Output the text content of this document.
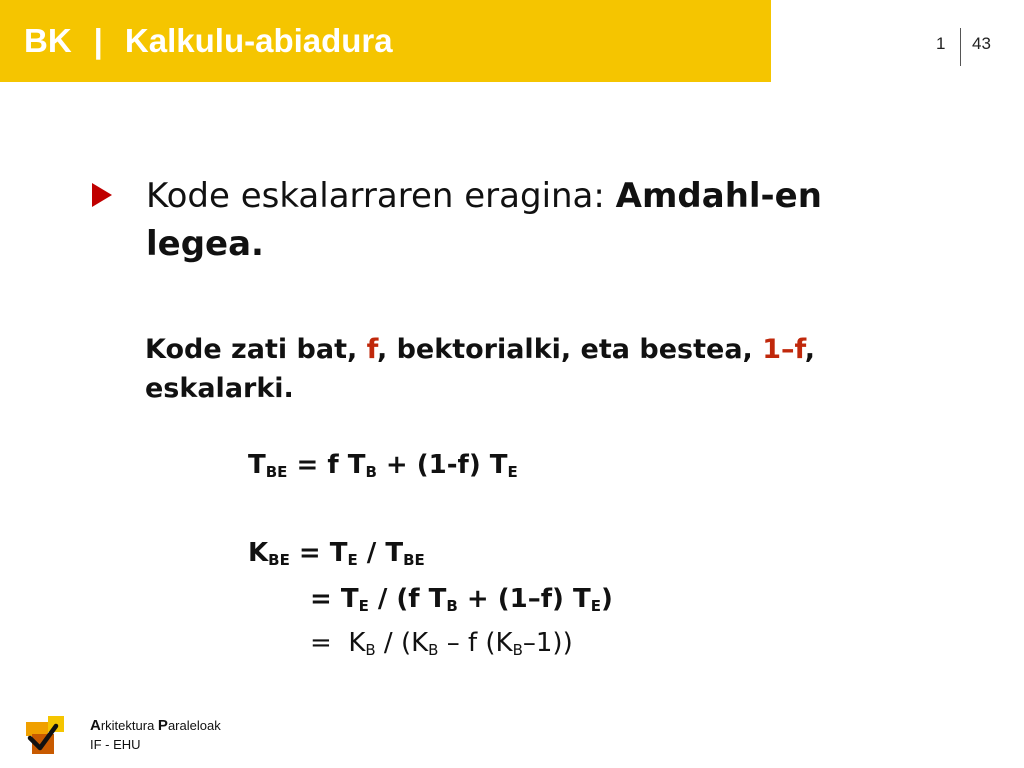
BK | Kalkulu-abiadura	1 43
Kode eskalarraren eragina: Amdahl-en legea.
Kode zati bat, f, bektorialki, eta bestea, 1–f, eskalarki.
$T_{BE} = f$ $T_B + (1-f)$ $T_E$
$K_{BE} = T_E / T_{BE}$
= $T_E / (f$ $T_B + (1-f)$ $T_E$)
=  $K_B / (K_B$ – f $(K_B-1)$)
Arkitektura Paraleloak
IF - EHU
